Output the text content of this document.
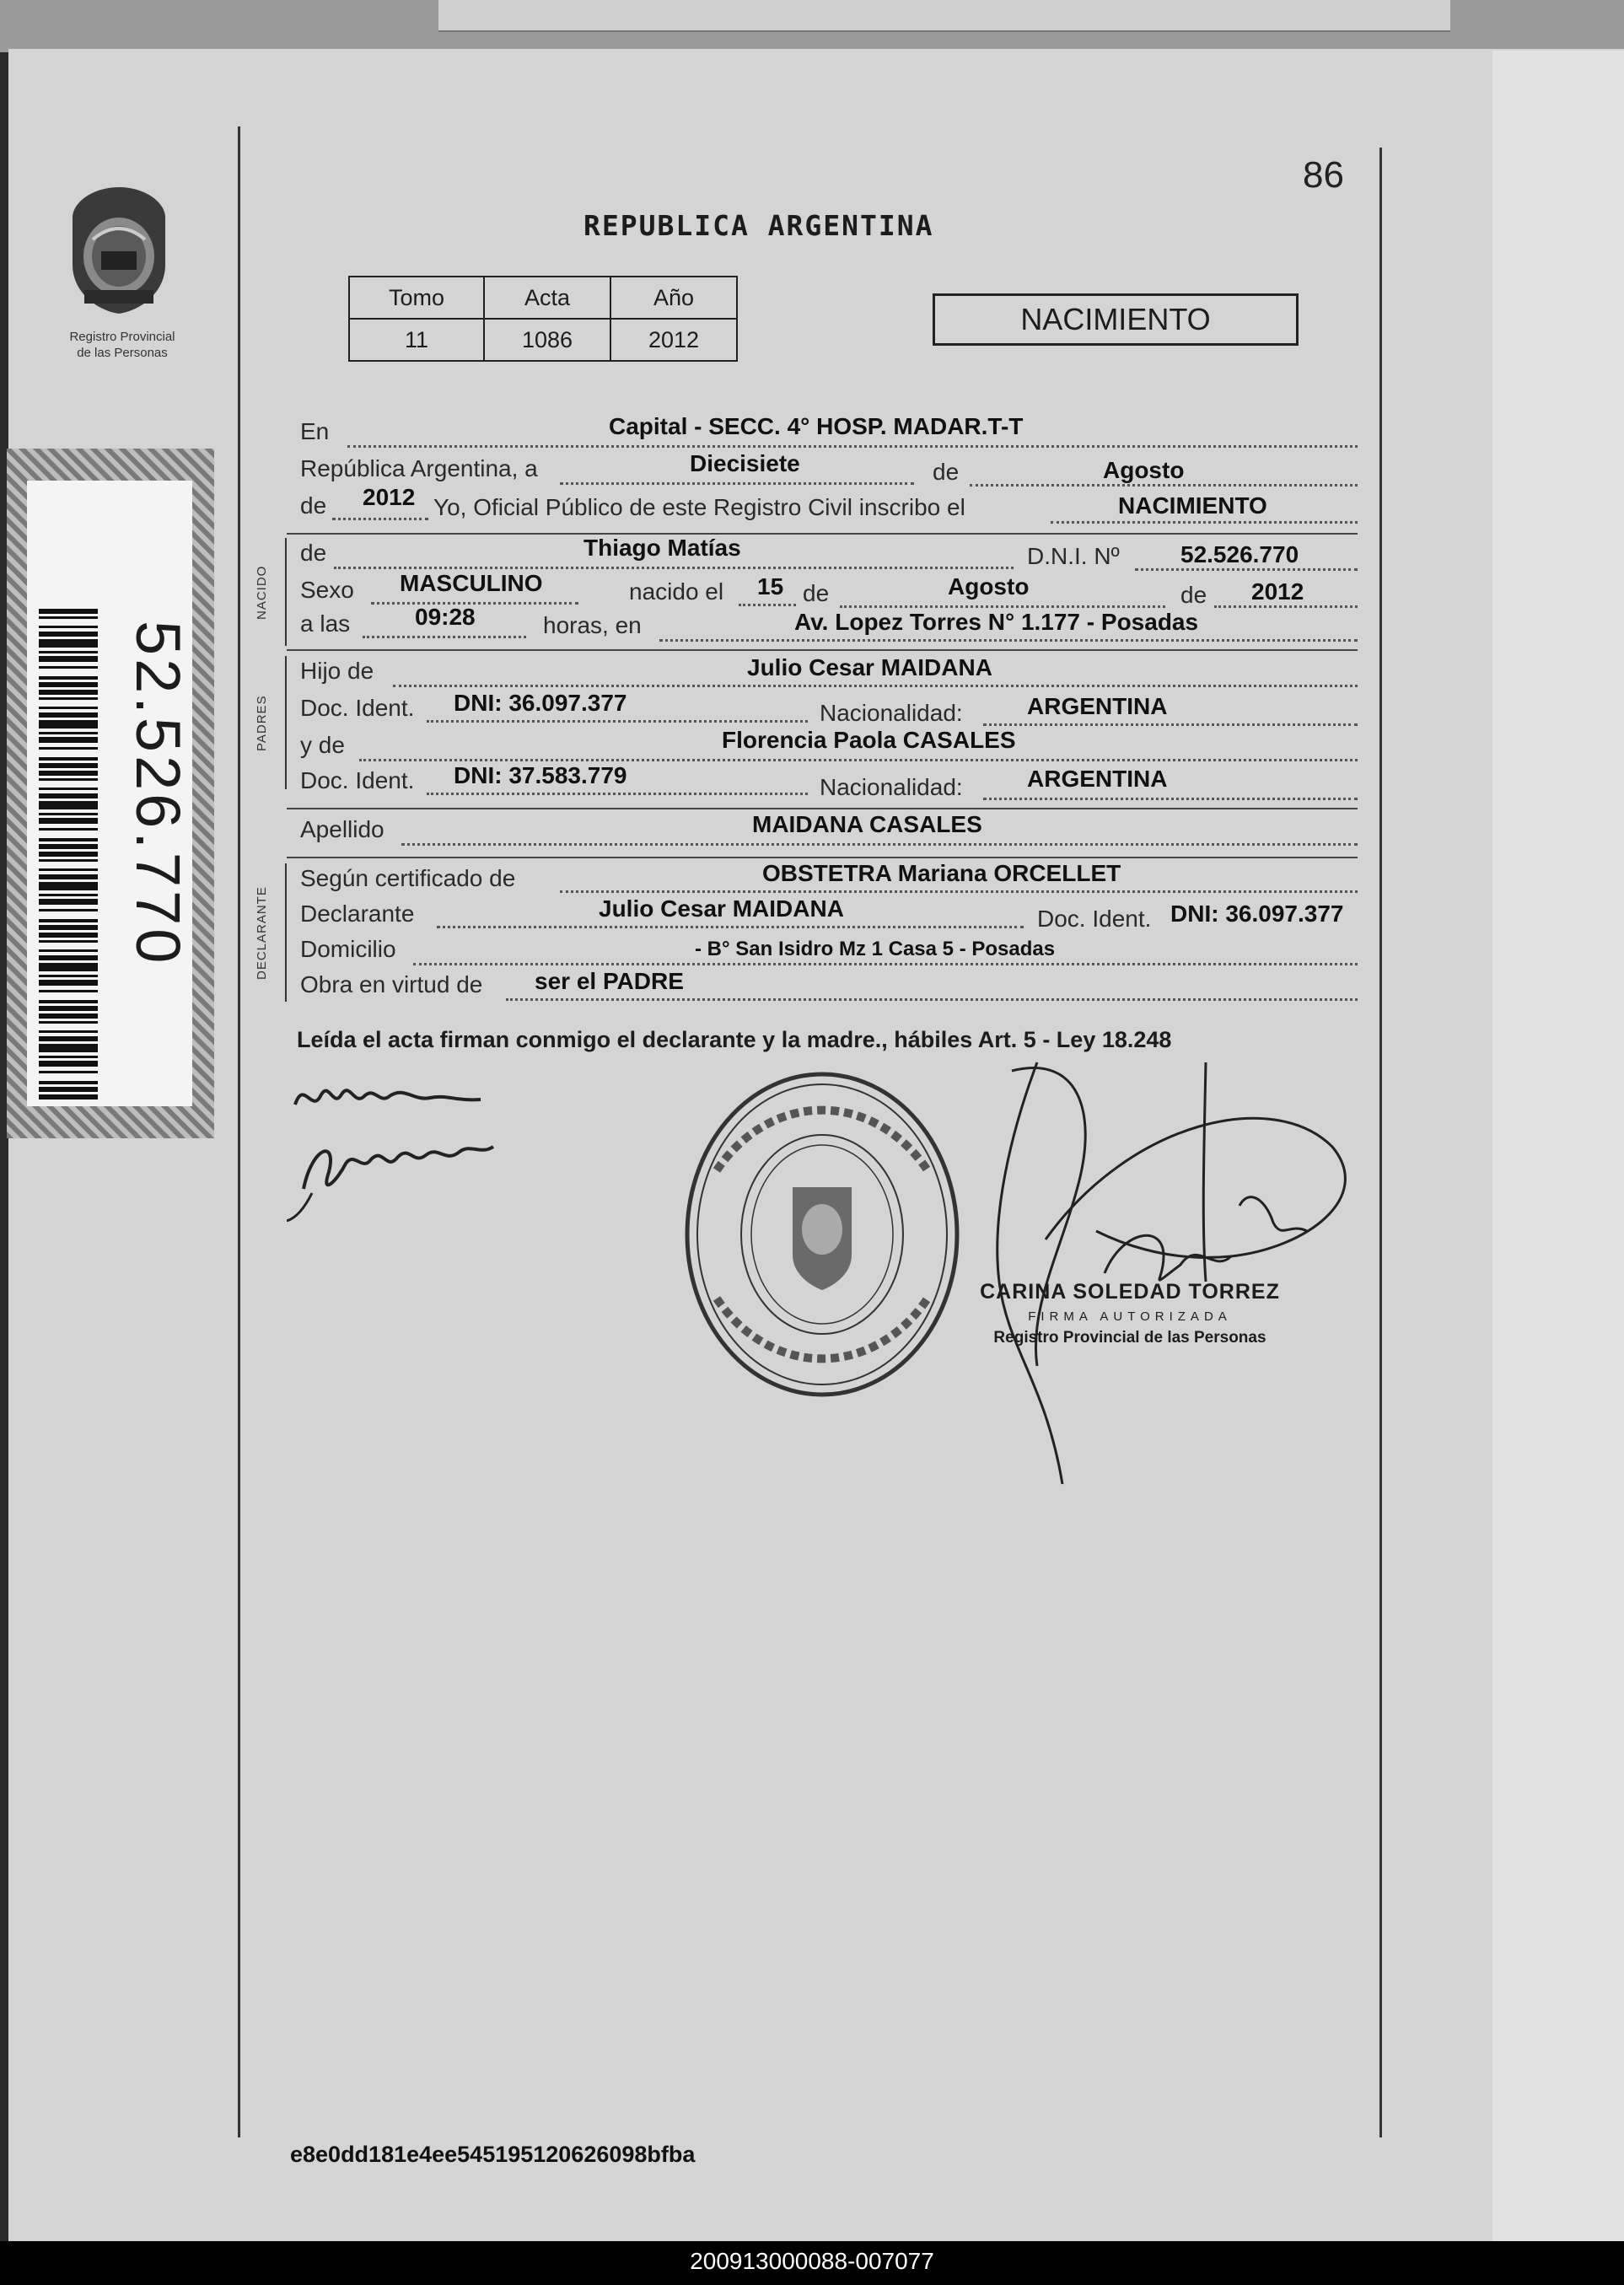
86
REPUBLICA ARGENTINA
Tomo	Acta	Año
11	1086	2012
NACIMIENTO
Registro Provincial
de las Personas
52.526.770
NACIDO
PADRES
DECLARANTE
En	Capital - SECC. 4° HOSP. MADAR.T-T
República Argentina, a	Diecisiete	de	Agosto
de 2012 Yo, Oficial Público de este Registro Civil inscribo el	NACIMIENTO
de	Thiago Matías	D.N.I. Nº	52.526.770
Sexo MASCULINO	nacido el 15 de	Agosto	de 2012
a las	09:28	horas, en	Av. Lopez Torres N° 1.177 - Posadas
Hijo de	Julio Cesar MAIDANA
Doc. Ident. DNI: 36.097.377	Nacionalidad:	ARGENTINA
y de	Florencia Paola CASALES
Doc. Ident. DNI: 37.583.779	Nacionalidad:	ARGENTINA
Apellido	MAIDANA CASALES
Según certificado de	OBSTETRA Mariana ORCELLET
Declarante	Julio Cesar MAIDANA	Doc. Ident. DNI: 36.097.377
Domicilio	- B° San Isidro Mz 1 Casa 5 - Posadas
Obra en virtud de ser el PADRE
Leída el acta firman conmigo el declarante y la madre., hábiles Art. 5 - Ley 18.248
CARINA SOLEDAD TORREZ
FIRMA AUTORIZADA
Registro Provincial de las Personas
e8e0dd181e4ee545195120626098bfba
200913000088-007077
